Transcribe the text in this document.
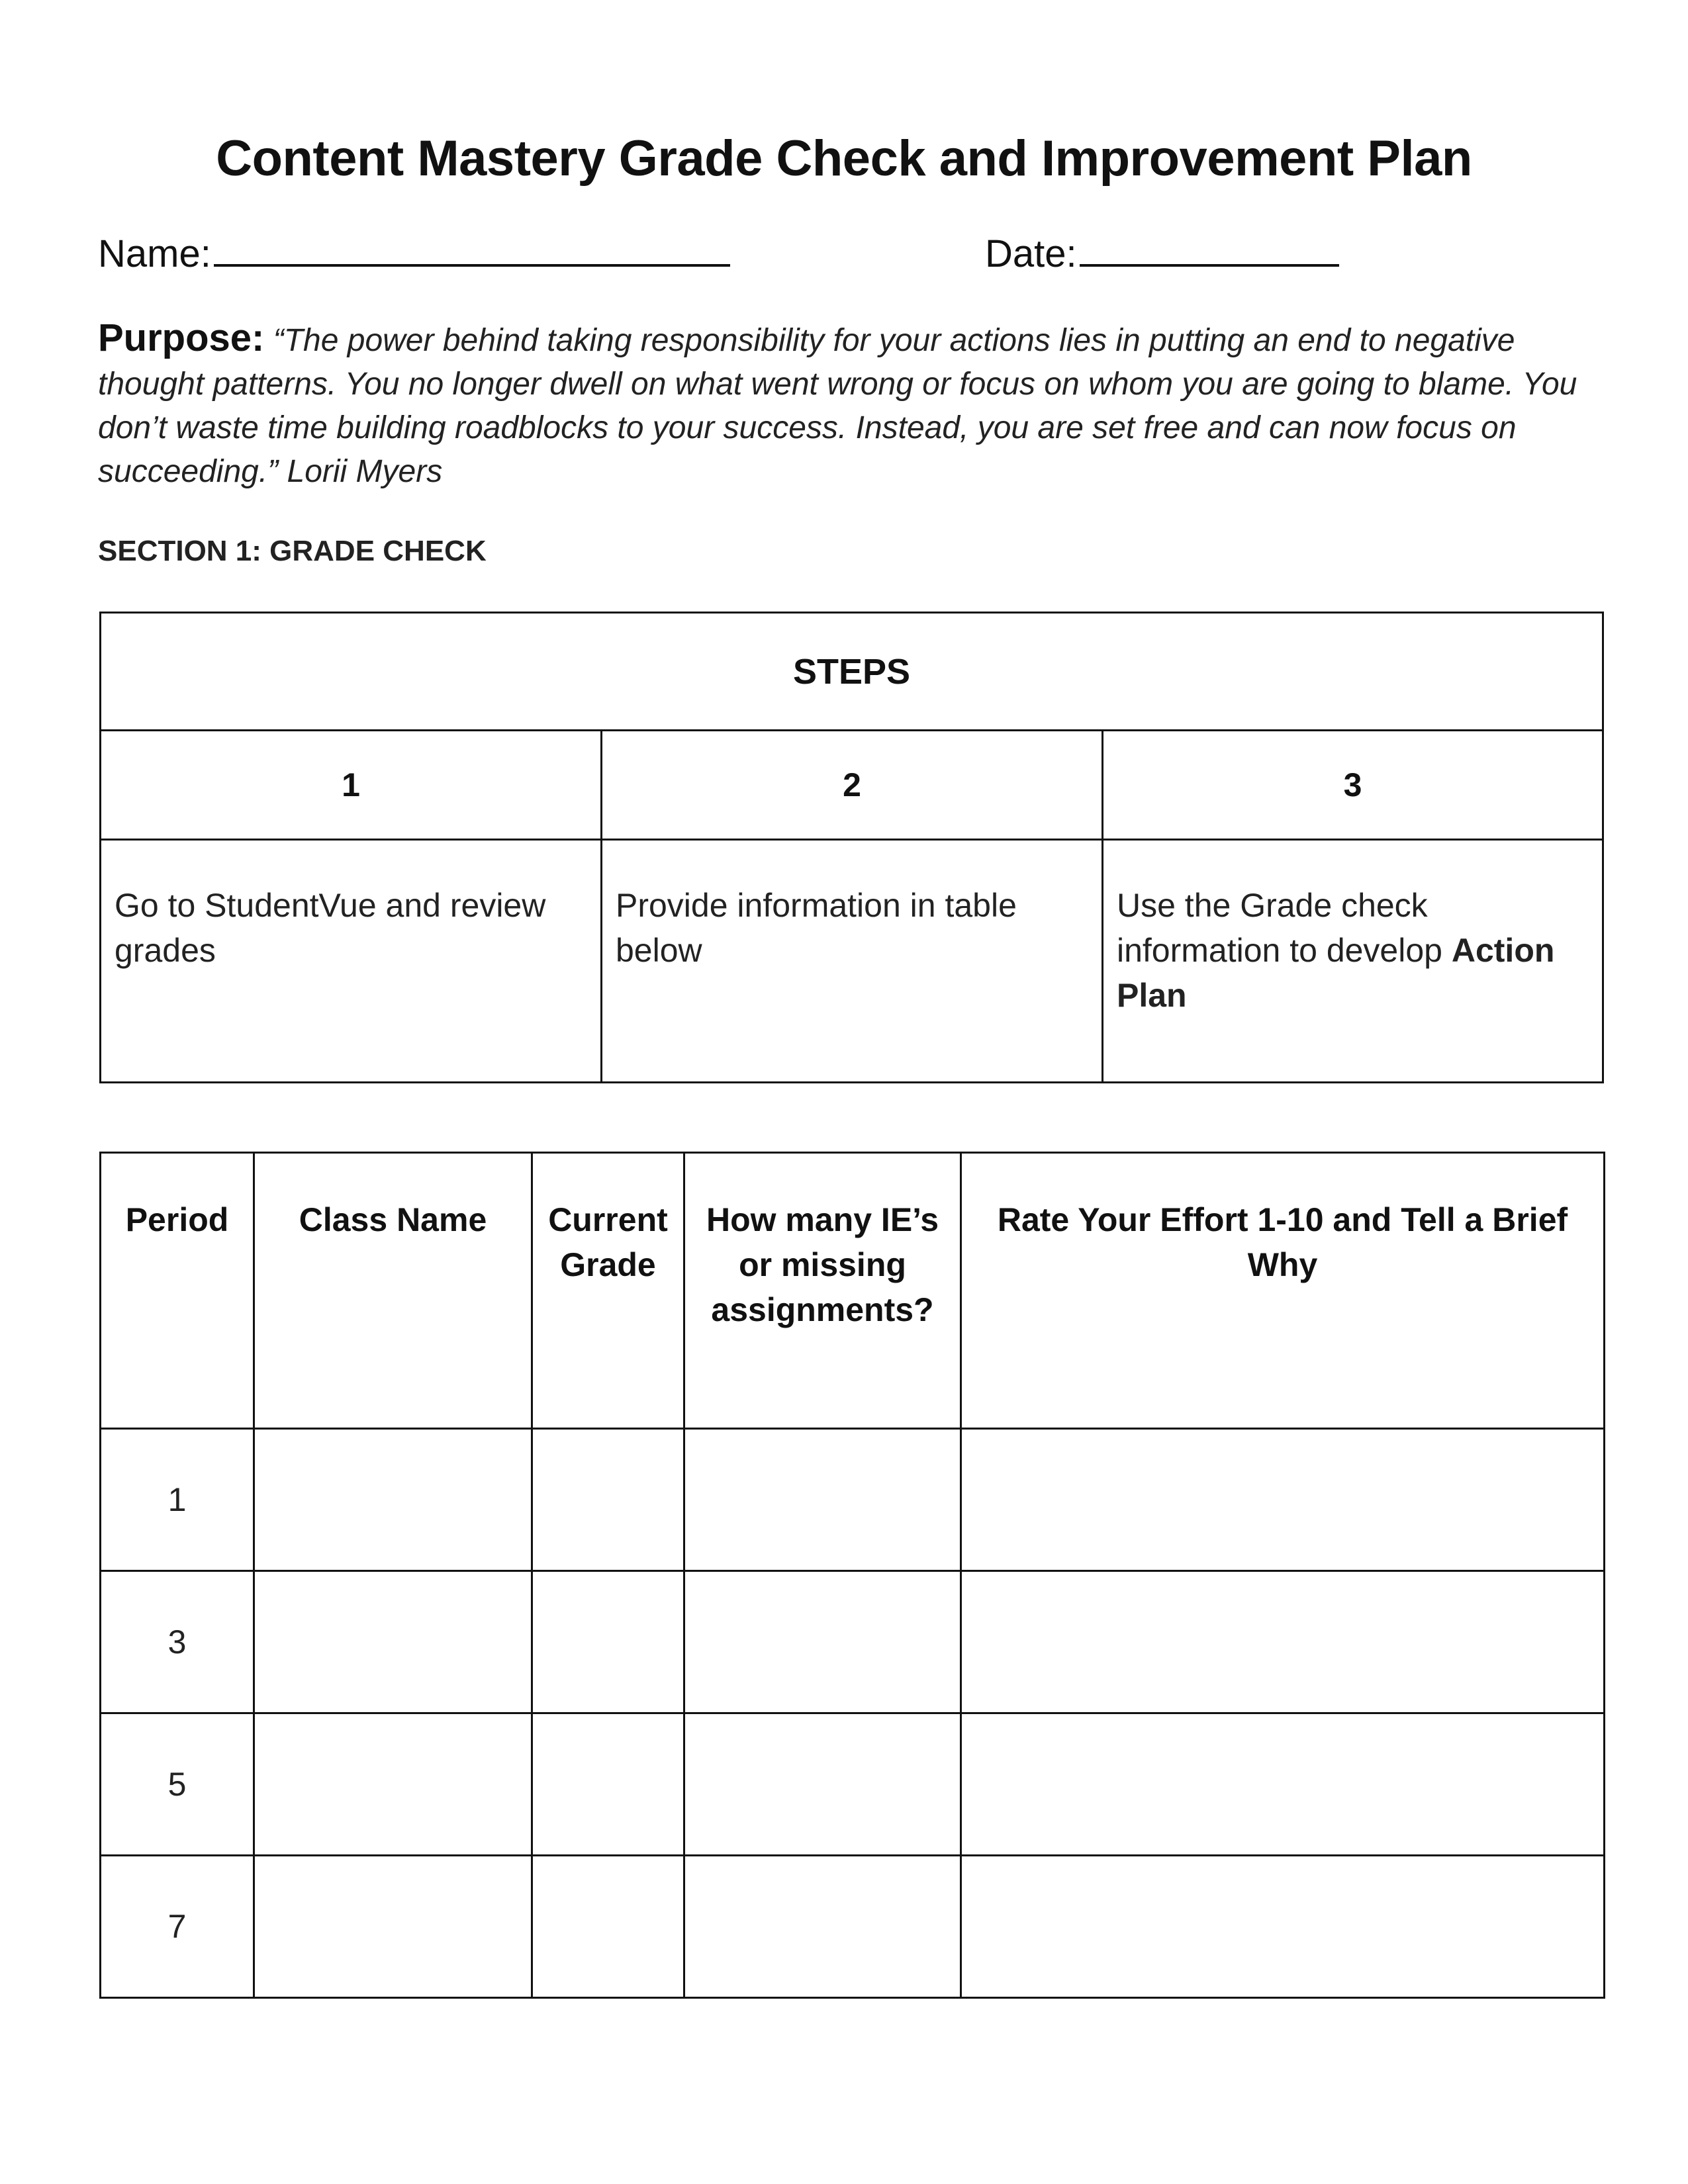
Content Mastery Grade Check and Improvement Plan
Name:	Date:
Purpose: “The power behind taking responsibility for your actions lies in putting an end to negative thought patterns. You no longer dwell on what went wrong or focus on whom you are going to blame. You don’t waste time building roadblocks to your success. Instead, you are set free and can now focus on succeeding.” Lorii Myers
SECTION 1: GRADE CHECK
STEPS		
1	2	3
Go to StudentVue and review grades	Provide information in table below	Use the Grade check information to develop Action Plan
Period	Class Name	Current Grade	How many IE’s or missing assignments?	Rate Your Effort 1-10 and Tell a Brief Why
1				
3				
5				
7				
